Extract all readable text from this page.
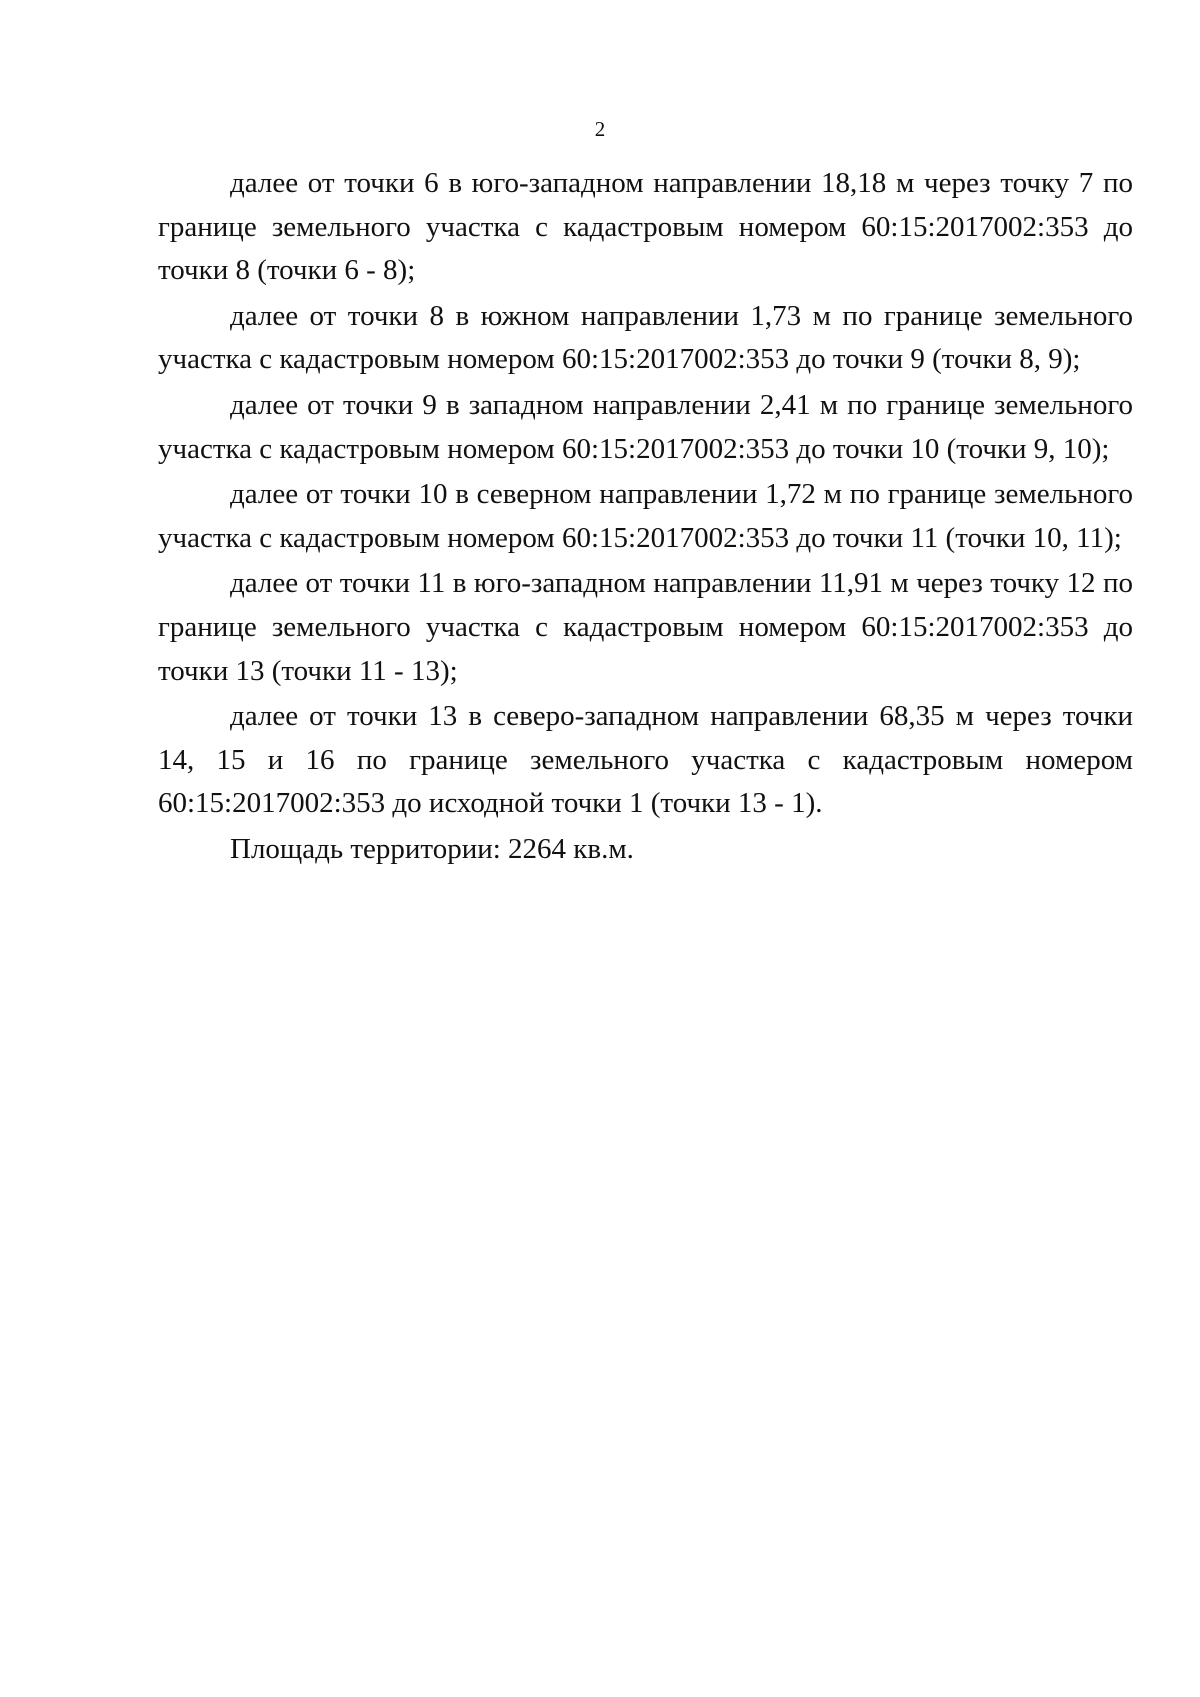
2

далее от точки 6 в юго-западном направлении 18,18 м через точку 7 по границе земельного участка с кадастровым номером 60:15:2017002:353 до точки 8 (точки 6 - 8);

далее от точки 8 в южном направлении 1,73 м по границе земельного участка с кадастровым номером 60:15:2017002:353 до точки 9 (точки 8, 9);

далее от точки 9 в западном направлении 2,41 м по границе земельного участка с кадастровым номером 60:15:2017002:353 до точки 10 (точки 9, 10);

далее от точки 10 в северном направлении 1,72 м по границе земельного участка с кадастровым номером 60:15:2017002:353 до точки 11 (точки 10, 11);

далее от точки 11 в юго-западном направлении 11,91 м через точку 12 по границе земельного участка с кадастровым номером 60:15:2017002:353 до точки 13 (точки 11 - 13);

далее от точки 13 в северо-западном направлении 68,35 м через точки 14, 15 и 16 по границе земельного участка с кадастровым номером 60:15:2017002:353 до исходной точки 1 (точки 13 - 1).

Площадь территории: 2264 кв.м.
